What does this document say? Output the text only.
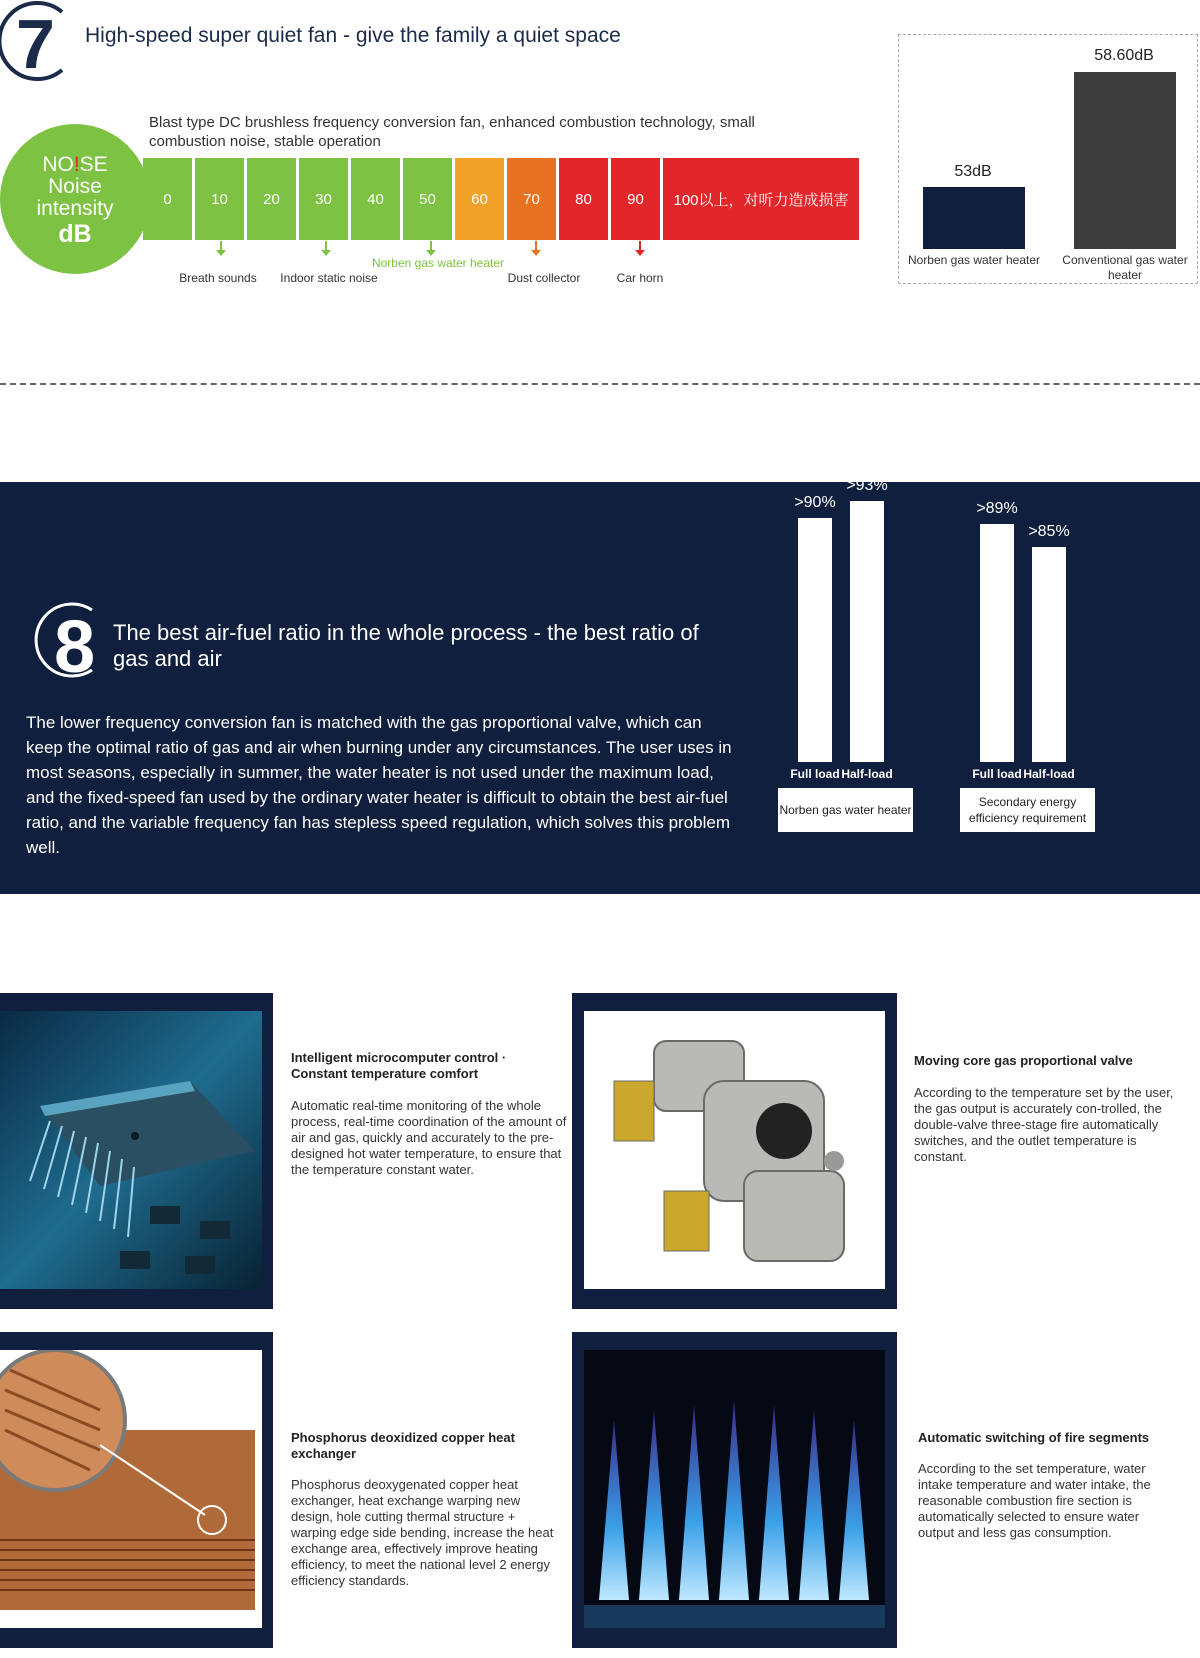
7 High-speed super quiet fan - give the family a quiet space
Blast type DC brushless frequency conversion fan, enhanced combustion technology, small combustion noise, stable operation
NO!SE
Noise
intensity
dB
0	10 20 30 40 50 60 70 80 90 100以上，对听力造成损害
Norben gas water heater
Breath sounds Indoor static noise	Dust collector	Car horn
53dB
Norben gas water heater
58.60dB
Conventional gas water heater
8 The best air-fuel ratio in the whole process - the best ratio of gas and air
The lower frequency conversion fan is matched with the gas proportional valve, which can keep the optimal ratio of gas and air when burning under any circumstances. The user uses in most seasons, especially in summer, the water heater is not used under the maximum load, and the fixed-speed fan used by the ordinary water heater is difficult to obtain the best air-fuel ratio, and the variable frequency fan has stepless speed regulation, which solves this problem well.
>90%
Full load
>93%
Half-load
Norben gas water heater
>89%
Full load
>85%
Half-load
Secondary energy efficiency requirement
Intelligent microcomputer control · Constant temperature comfort
Automatic real-time monitoring of the whole process, real-time coordination of the amount of air and gas, quickly and accurately to the pre-designed hot water temperature, to ensure that the temperature constant water.
Moving core gas proportional valve
According to the temperature set by the user, the gas output is accurately con-trolled, the double-valve three-stage fire automatically switches, and the outlet temperature is constant.
Phosphorus deoxidized copper heat exchanger
Phosphorus deoxygenated copper heat exchanger, heat exchange warping new design, hole cutting thermal structure + warping edge side bending, increase the heat exchange area, effectively improve heating efficiency, to meet the national level 2 energy efficiency standards.
Automatic switching of fire segments
According to the set temperature, water intake temperature and water intake, the reasonable combustion fire section is automatically selected to ensure water output and less gas consumption.
